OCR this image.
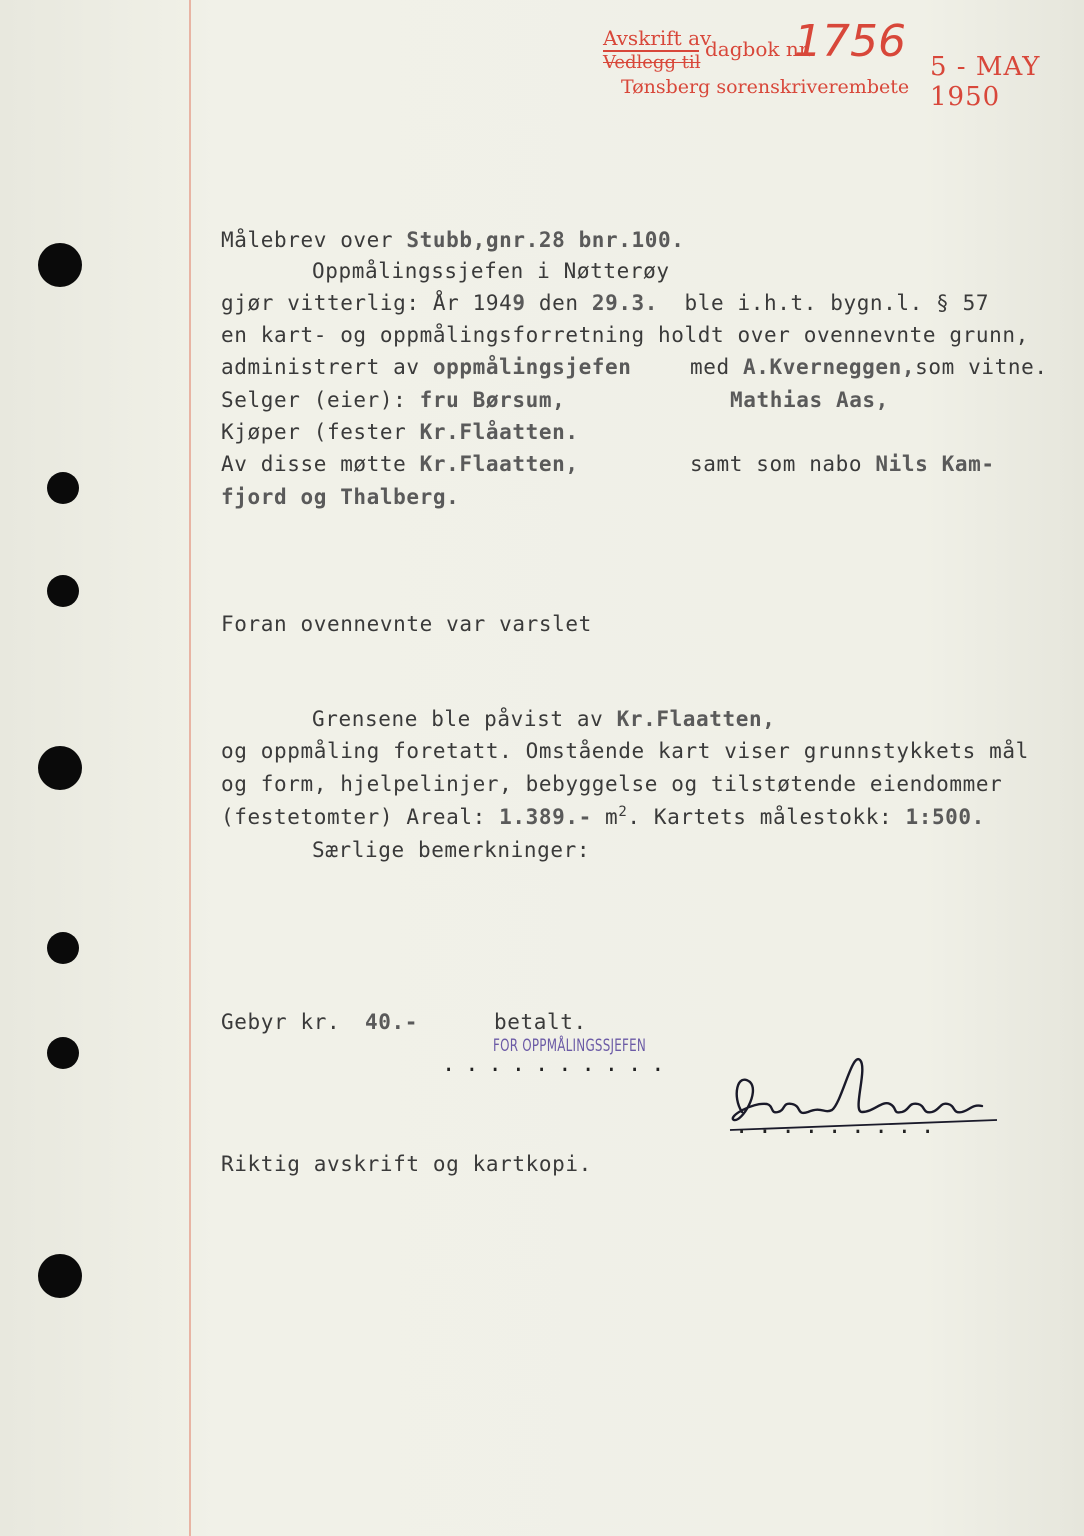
Avskrift av
Vedlegg til
dagbok nr.
1756
Tønsberg sorenskriverembete
5 - MAY 1950
Målebrev over Stubb,gnr.28 bnr.100.
Oppmålingssjefen i Nøtterøy
gjør vitterlig: År 1949 den 29.3.  ble i.h.t. bygn.l. § 57
en kart- og oppmålingsforretning holdt over ovennevnte grunn,
administrert av oppmålingsjefen	med A.Kverneggen,som vitne.
Selger (eier): fru Børsum,	Mathias Aas,
Kjøper (fester Kr.Flåatten.
Av disse møtte Kr.Flaatten,	samt som nabo Nils Kam-
fjord og Thalberg.
Foran ovennevnte var varslet
Grensene ble påvist av Kr.Flaatten,
og oppmåling foretatt. Omstående kart viser grunnstykkets mål
og form, hjelpelinjer, bebyggelse og tilstøtende eiendommer
(festetomter) Areal: 1.389.- $m^2$. Kartets målestokk: 1:500.
Særlige bemerkninger:
Gebyr kr. 40.-	betalt.
FOR OPPMÅLINGSSJEFEN
..........
.........
Riktig avskrift og kartkopi.
